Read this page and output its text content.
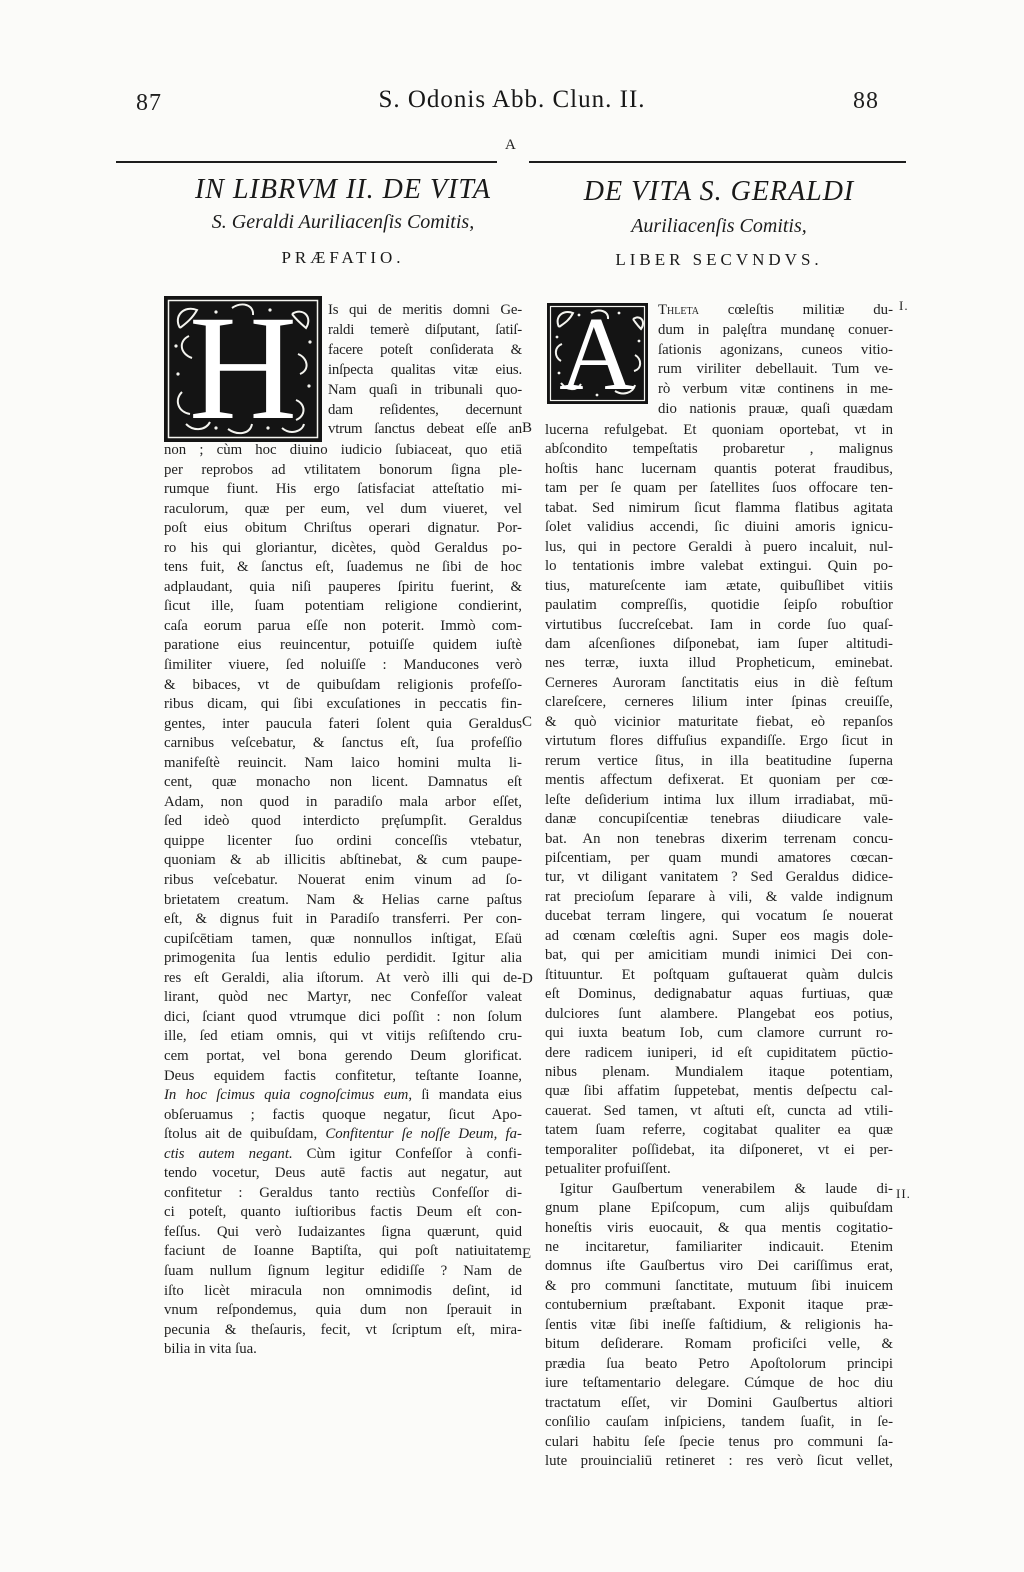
87	S. Odonis Abb. Clun. II.	88
A
B
C
D
E
I.
II.
IN LIBRVM II. DE VITA
S. Geraldi Auriliacenſis Comitis,
PRÆFATIO.
DE VITA S. GERALDI
Auriliacenſis Comitis,
LIBER SECVNDVS.
H A
Is qui de meritis domni Ge-
raldi temerè diſputant, ſatiſ-
facere poteſt conſiderata &
inſpecta qualitas vitæ eius.
Nam quaſi in tribunali quo-
dam reſidentes, decernunt
vtrum ſanctus debeat eſſe an
non ; cùm hoc diuino iudicio ſubiaceat, quo etiā
per reprobos ad vtilitatem bonorum ſigna ple-
rumque fiunt. His ergo ſatisfaciat atteſtatio mi-
raculorum, quæ per eum, vel dum viueret, vel
poſt eius obitum Chriſtus operari dignatur. Por-
ro his qui gloriantur, dicètes, quòd Geraldus po-
tens fuit, & ſanctus eſt, ſuademus ne ſibi de hoc
adplaudant, quia niſi pauperes ſpiritu fuerint, &
ſicut ille, ſuam potentiam religione condierint,
caſa eorum parua eſſe non poterit. Immò com-
paratione eius reuincentur, potuiſſe quidem iuſtè
ſimiliter viuere, ſed noluiſſe : Manducones verò
& bibaces, vt de quibuſdam religionis profeſſo-
ribus dicam, qui ſibi excuſationes in peccatis fin-
gentes, inter paucula fateri ſolent quia Geraldus
carnibus veſcebatur, & ſanctus eſt, ſua profeſſio
manifeſtè reuincit. Nam laico homini multa li-
cent, quæ monacho non licent. Damnatus eſt
Adam, non quod in paradiſo mala arbor eſſet,
ſed ideò quod interdicto pręſumpſit. Geraldus
quippe licenter ſuo ordini conceſſis vtebatur,
quoniam & ab illicitis abſtinebat, & cum paupe-
ribus veſcebatur. Nouerat enim vinum ad ſo-
brietatem creatum. Nam & Helias carne paſtus
eſt, & dignus fuit in Paradiſo transferri. Per con-
cupiſcētiam tamen, quæ nonnullos inſtigat, Eſaü
primogenita ſua lentis edulio perdidit. Igitur alia
res eſt Geraldi, alia iſtorum. At verò illi qui de-
lirant, quòd nec Martyr, nec Confeſſor valeat
dici, ſciant quod vtrumque dici poſſit : non ſolum
ille, ſed etiam omnis, qui vt vitijs reſiſtendo cru-
cem portat, vel bona gerendo Deum glorificat.
Deus equidem factis confitetur, teſtante Ioanne,
In hoc ſcimus quia cognoſcimus eum, ſi mandata eius
obſeruamus ; factis quoque negatur, ſicut Apo-
ſtolus ait de quibuſdam, Confitentur ſe noſſe Deum, fa-
ctis autem negant. Cùm igitur Confeſſor à confi-
tendo vocetur, Deus autē factis aut negatur, aut
confitetur : Geraldus tanto rectiùs Confeſſor di-
ci poteſt, quanto iuſtioribus factis Deum eſt con-
feſſus. Qui verò Iudaizantes ſigna quærunt, quid
faciunt de Ioanne Baptiſta, qui poſt natiuitatem
ſuam nullum ſignum legitur edidiſſe ? Nam de
iſto licèt miracula non omnimodis deſint, id
vnum reſpondemus, quia dum non ſperauit in
pecunia & theſauris, fecit, vt ſcriptum eſt, mira-
bilia in vita ſua.
Thleta cœleſtis militiæ du-
dum in palęſtra mundanę conuer-
ſationis agonizans, cuneos vitio-
rum viriliter debellauit. Tum ve-
rò verbum vitæ continens in me-
dio nationis prauæ, quaſi quædam
lucerna refulgebat. Et quoniam oportebat, vt in
abſcondito tempeſtatis probaretur , malignus
hoſtis hanc lucernam quantis poterat fraudibus,
tam per ſe quam per ſatellites ſuos offocare ten-
tabat. Sed nimirum ſicut flamma flatibus agitata
ſolet validius accendi, ſic diuini amoris ignicu-
lus, qui in pectore Geraldi à puero incaluit, nul-
lo tentationis imbre valebat extingui. Quin po-
tius, matureſcente iam ætate, quibuſlibet vitiis
paulatim compreſſis, quotidie ſeipſo robuſtior
virtutibus ſuccreſcebat. Iam in corde ſuo quaſ-
dam aſcenſiones diſponebat, iam ſuper altitudi-
nes terræ, iuxta illud Propheticum, eminebat.
Cerneres Auroram ſanctitatis eius in diè feſtum
clareſcere, cerneres lilium inter ſpinas creuiſſe,
& quò vicinior maturitate fiebat, eò repanſos
virtutum flores diffuſius expandiſſe. Ergo ſicut in
rerum vertice ſitus, in illa beatitudine ſuperna
mentis affectum defixerat. Et quoniam per cœ-
leſte deſiderium intima lux illum irradiabat, mū-
danæ concupiſcentiæ tenebras diiudicare vale-
bat. An non tenebras dixerim terrenam concu-
piſcentiam, per quam mundi amatores cœcan-
tur, vt diligant vanitatem ? Sed Geraldus didice-
rat precioſum ſeparare à vili, & valde indignum
ducebat terram lingere, qui vocatum ſe nouerat
ad cœnam cœleſtis agni. Super eos magis dole-
bat, qui per amicitiam mundi inimici Dei con-
ſtituuntur. Et poſtquam guſtauerat quàm dulcis
eſt Dominus, dedignabatur aquas furtiuas, quæ
dulciores ſunt alambere. Plangebat eos potius,
qui iuxta beatum Iob, cum clamore currunt ro-
dere radicem iuniperi, id eſt cupiditatem pūctio-
nibus plenam. Mundialem itaque potentiam,
quæ ſibi affatim ſuppetebat, mentis deſpectu cal-
cauerat. Sed tamen, vt aſtuti eſt, cuncta ad vtili-
tatem ſuam referre, cogitabat qualiter ea quæ
temporaliter poſſidebat, ita diſponeret, vt ei per-
petualiter profuiſſent.
 Igitur Gauſbertum venerabilem & laude di-
gnum plane Epiſcopum, cum alijs quibuſdam
honeſtis viris euocauit, & qua mentis cogitatio-
ne incitaretur, familiariter indicauit. Etenim
domnus iſte Gauſbertus viro Dei cariſſimus erat,
& pro communi ſanctitate, mutuum ſibi inuicem
contubernium præſtabant. Exponit itaque præ-
ſentis vitæ ſibi ineſſe faſtidium, & religionis ha-
bitum deſiderare. Romam proficiſci velle, &
prædia ſua beato Petro Apoſtolorum principi
iure teſtamentario delegare. Cúmque de hoc diu
tractatum eſſet, vir Domini Gauſbertus altiori
conſilio cauſam inſpiciens, tandem ſuaſit, in ſe-
culari habitu ſeſe ſpecie tenus pro communi ſa-
lute prouincialiū retineret : res verò ſicut vellet,
